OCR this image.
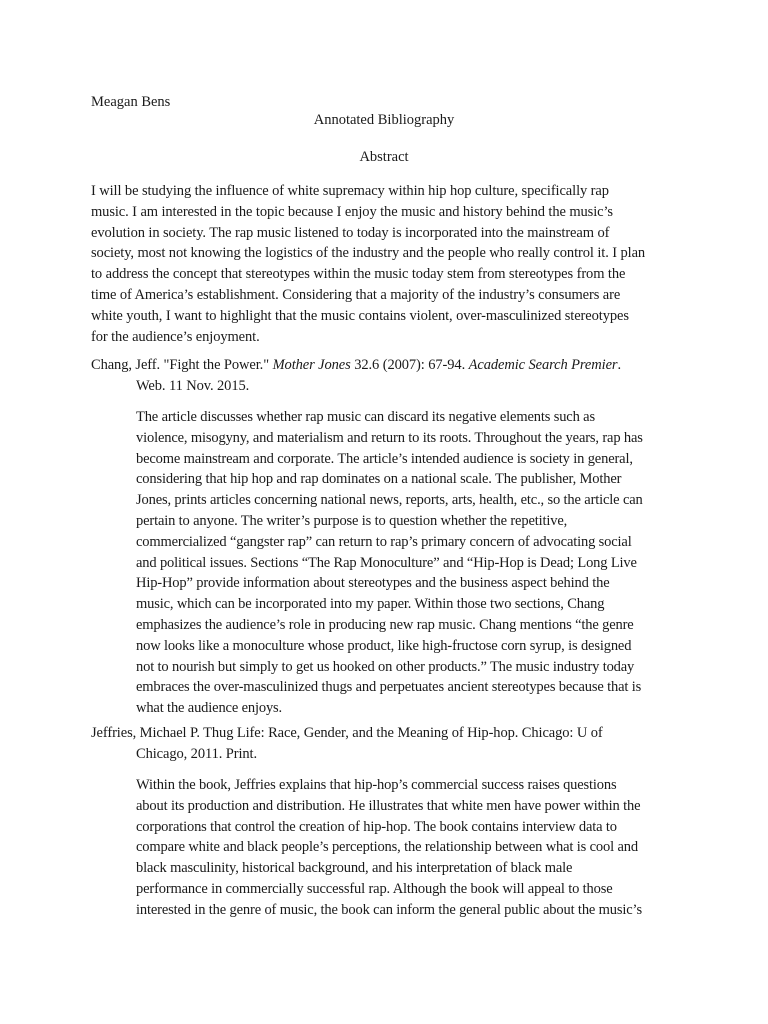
Meagan Bens
Annotated Bibliography
Abstract
I will be studying the influence of white supremacy within hip hop culture, specifically rap
music. I am interested in the topic because I enjoy the music and history behind the music’s
evolution in society. The rap music listened to today is incorporated into the mainstream of
society, most not knowing the logistics of the industry and the people who really control it. I plan
to address the concept that stereotypes within the music today stem from stereotypes from the
time of America’s establishment. Considering that a majority of the industry’s consumers are
white youth, I want to highlight that the music contains violent, over-masculinized stereotypes
for the audience’s enjoyment.
Chang, Jeff. "Fight the Power." Mother Jones 32.6 (2007): 67-94. Academic Search Premier.
Web. 11 Nov. 2015.
The article discusses whether rap music can discard its negative elements such as
violence, misogyny, and materialism and return to its roots. Throughout the years, rap has
become mainstream and corporate. The article’s intended audience is society in general,
considering that hip hop and rap dominates on a national scale. The publisher, Mother
Jones, prints articles concerning national news, reports, arts, health, etc., so the article can
pertain to anyone. The writer’s purpose is to question whether the repetitive,
commercialized “gangster rap” can return to rap’s primary concern of advocating social
and political issues. Sections “The Rap Monoculture” and “Hip-Hop is Dead; Long Live
Hip-Hop” provide information about stereotypes and the business aspect behind the
music, which can be incorporated into my paper. Within those two sections, Chang
emphasizes the audience’s role in producing new rap music. Chang mentions “the genre
now looks like a monoculture whose product, like high-fructose corn syrup, is designed
not to nourish but simply to get us hooked on other products.” The music industry today
embraces the over-masculinized thugs and perpetuates ancient stereotypes because that is
what the audience enjoys.
Jeffries, Michael P. Thug Life: Race, Gender, and the Meaning of Hip-hop. Chicago: U of
Chicago, 2011. Print.
Within the book, Jeffries explains that hip-hop’s commercial success raises questions
about its production and distribution. He illustrates that white men have power within the
corporations that control the creation of hip-hop. The book contains interview data to
compare white and black people’s perceptions, the relationship between what is cool and
black masculinity, historical background, and his interpretation of black male
performance in commercially successful rap. Although the book will appeal to those
interested in the genre of music, the book can inform the general public about the music’s
